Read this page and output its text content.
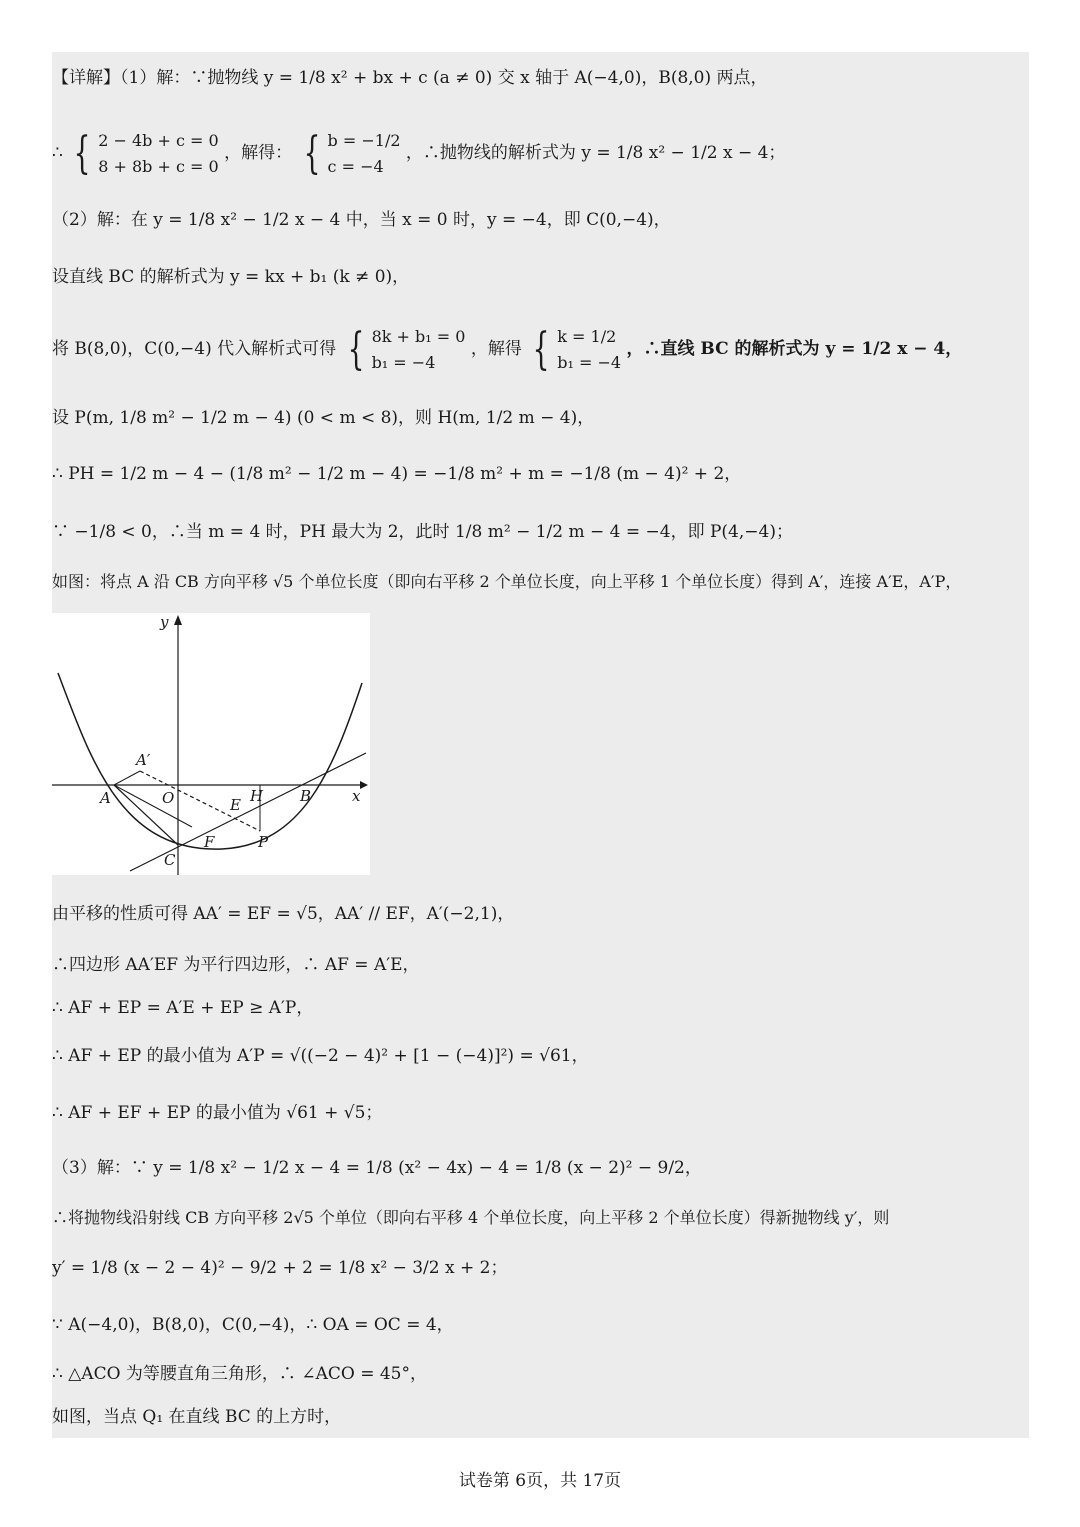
【详解】（1）解：∵抛物线 y = 1/8 x² + bx + c (a ≠ 0) 交 x 轴于 A(−4,0)，B(8,0) 两点，
∴ { 2 − 4b + c = 0
8 + 8b + c = 0
，解得： { b = −1/2
c = −4
，∴抛物线的解析式为 y = 1/8 x² − 1/2 x − 4；
（2）解：在 y = 1/8 x² − 1/2 x − 4 中，当 x = 0 时，y = −4，即 C(0,−4)，
设直线 BC 的解析式为 y = kx + b₁ (k ≠ 0)，
将 B(8,0)，C(0,−4) 代入解析式可得 { 8k + b₁ = 0
b₁ = −4
，解得 { k = 1/2
b₁ = −4
，∴直线 BC 的解析式为 y = 1/2 x − 4，
设 P(m, 1/8 m² − 1/2 m − 4) (0 < m < 8)，则 H(m, 1/2 m − 4)，
∴ PH = 1/2 m − 4 − (1/8 m² − 1/2 m − 4) = −1/8 m² + m = −1/8 (m − 4)² + 2，
∵ −1/8 < 0，∴当 m = 4 时，PH 最大为 2，此时 1/8 m² − 1/2 m − 4 = −4，即 P(4,−4)；
如图：将点 A 沿 CB 方向平移 √5 个单位长度（即向右平移 2 个单位长度，向上平移 1 个单位长度）得到 A′，连接 A′E，A′P，
y
x
A′
A	O	E H B
F	P
C
由平移的性质可得 AA′ = EF = √5，AA′ // EF，A′(−2,1)，
∴四边形 AA′EF 为平行四边形，∴ AF = A′E，
∴ AF + EP = A′E + EP ≥ A′P，
∴ AF + EP 的最小值为 A′P = √((−2 − 4)² + [1 − (−4)]²) = √61，
∴ AF + EF + EP 的最小值为 √61 + √5；
（3）解：∵ y = 1/8 x² − 1/2 x − 4 = 1/8 (x² − 4x) − 4 = 1/8 (x − 2)² − 9/2，
∴将抛物线沿射线 CB 方向平移 2√5 个单位（即向右平移 4 个单位长度，向上平移 2 个单位长度）得新抛物线 y′，则
y′ = 1/8 (x − 2 − 4)² − 9/2 + 2 = 1/8 x² − 3/2 x + 2；
∵ A(−4,0)，B(8,0)，C(0,−4)，∴ OA = OC = 4，
∴ △ACO 为等腰直角三角形，∴ ∠ACO = 45°，
如图，当点 Q₁ 在直线 BC 的上方时，
试卷第 6页，共 17页
